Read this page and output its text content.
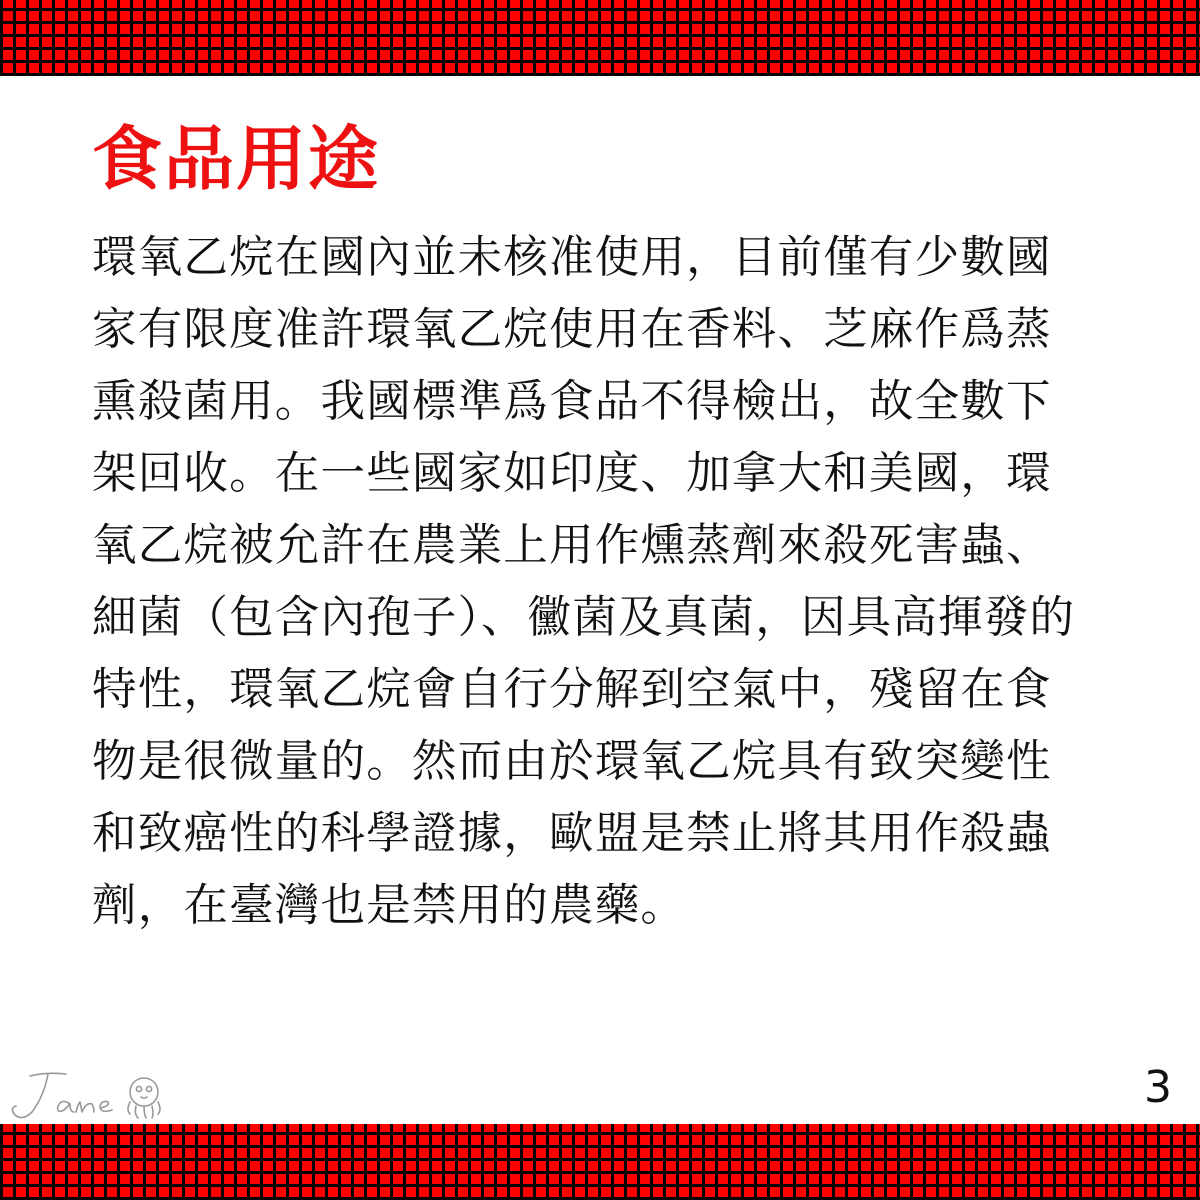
食品用途
環氧乙烷在國內並未核准使用，目前僅有少數國
家有限度准許環氧乙烷使用在香料、芝麻作爲蒸
熏殺菌用。我國標準爲食品不得檢出，故全數下
架回收。在一些國家如印度、加拿大和美國，環
氧乙烷被允許在農業上用作燻蒸劑來殺死害蟲、
細菌（包含內孢子）、黴菌及真菌，因具高揮發的
特性，環氧乙烷會自行分解到空氣中，殘留在食
物是很微量的。然而由於環氧乙烷具有致突變性
和致癌性的科學證據，歐盟是禁止將其用作殺蟲
劑，在臺灣也是禁用的農藥。
3
